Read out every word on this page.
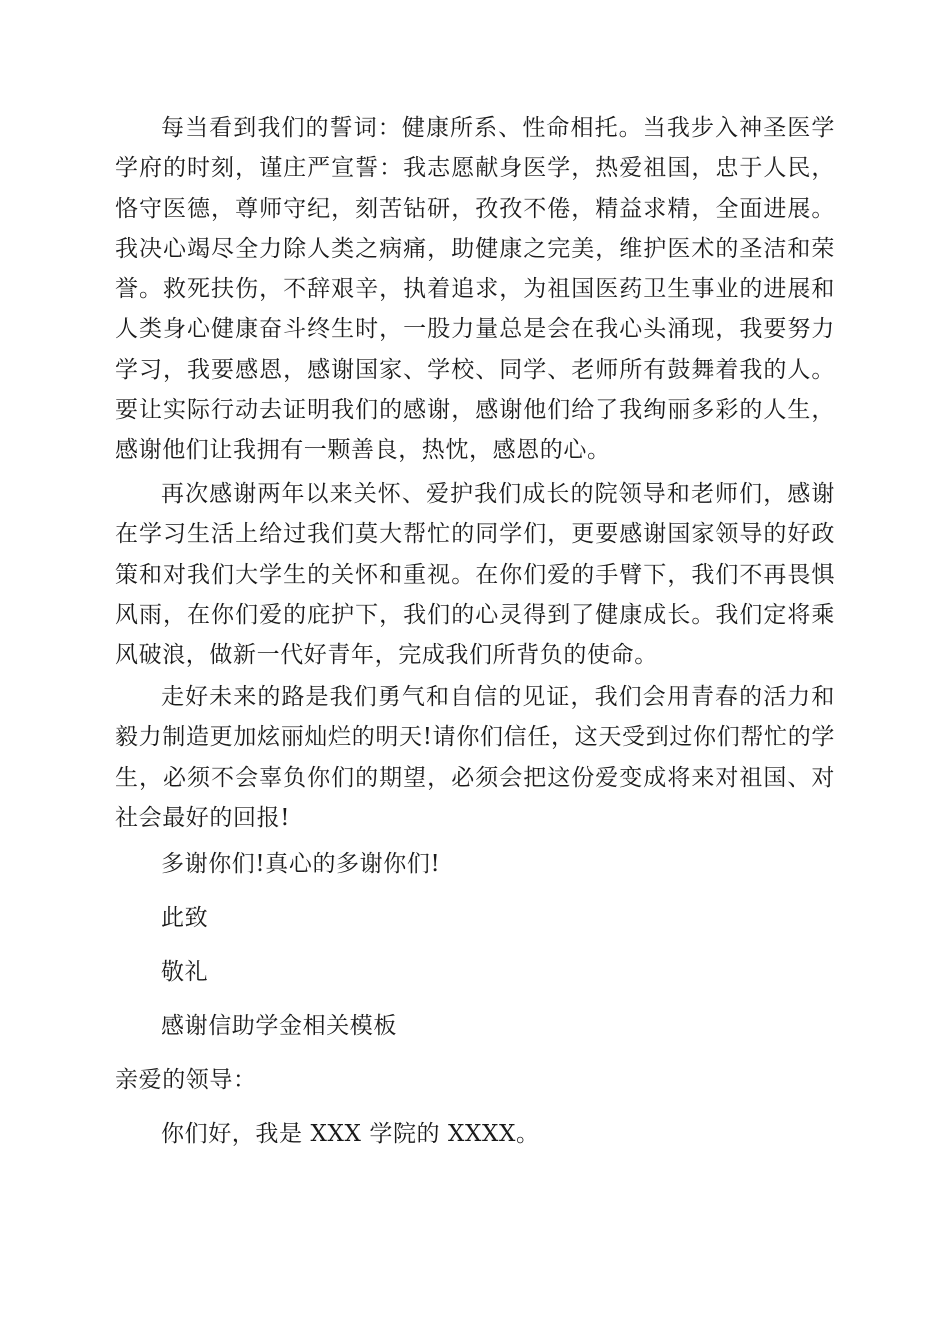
每当看到我们的誓词：健康所系、性命相托。当我步入神圣医学学府的时刻，谨庄严宣誓：我志愿献身医学，热爱祖国，忠于人民，恪守医德，尊师守纪，刻苦钻研，孜孜不倦，精益求精，全面进展。我决心竭尽全力除人类之病痛，助健康之完美，维护医术的圣洁和荣誉。救死扶伤，不辞艰辛，执着追求，为祖国医药卫生事业的进展和人类身心健康奋斗终生时，一股力量总是会在我心头涌现，我要努力学习，我要感恩，感谢国家、学校、同学、老师所有鼓舞着我的人。要让实际行动去证明我们的感谢，感谢他们给了我绚丽多彩的人生，感谢他们让我拥有一颗善良，热忱，感恩的心。

再次感谢两年以来关怀、爱护我们成长的院领导和老师们，感谢在学习生活上给过我们莫大帮忙的同学们，更要感谢国家领导的好政策和对我们大学生的关怀和重视。在你们爱的手臂下，我们不再畏惧风雨，在你们爱的庇护下，我们的心灵得到了健康成长。我们定将乘风破浪，做新一代好青年，完成我们所背负的使命。

走好未来的路是我们勇气和自信的见证，我们会用青春的活力和毅力制造更加炫丽灿烂的明天!请你们信任，这天受到过你们帮忙的学生，必须不会辜负你们的期望，必须会把这份爱变成将来对祖国、对社会最好的回报!

多谢你们!真心的多谢你们!

此致

敬礼

感谢信助学金相关模板

亲爱的领导：

你们好，我是 XXX 学院的 XXXX。
